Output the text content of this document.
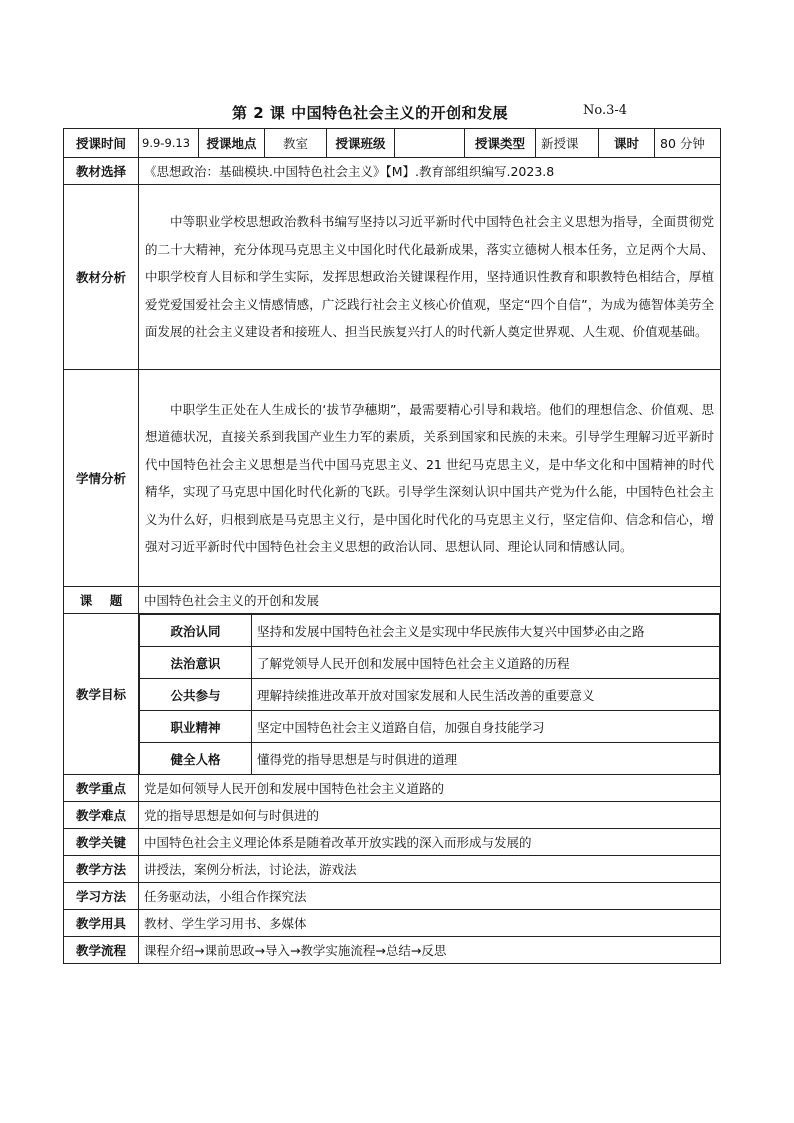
第 2 课 中国特色社会主义的开创和发展	No.3-4
授课时间	9.9-9.13	授课地点	教室	授课班级		授课类型	新授课	课时	80 分钟
教材选择	《思想政治：基础模块.中国特色社会主义》【M】.教育部组织编写.2023.8
教材分析	中等职业学校思想政治教科书编写坚持以习近平新时代中国特色社会主义思想为指导，全面贯彻党的二十大精神，充分体现马克思主义中国化时代化最新成果，落实立德树人根本任务，立足两个大局、中职学校育人目标和学生实际，发挥思想政治关键课程作用，坚持通识性教育和职教特色相结合，厚植爱党爱国爱社会主义情感情感，广泛践行社会主义核心价值观，坚定“四个自信”，为成为德智体美劳全面发展的社会主义建设者和接班人、担当民族复兴打人的时代新人奠定世界观、人生观、价值观基础。
学情分析	中职学生正处在人生成长的‘拔节孕穗期”，最需要精心引导和栽培。他们的理想信念、价值观、思想道德状况，直接关系到我国产业生力军的素质，关系到国家和民族的未来。引导学生理解习近平新时代中国特色社会主义思想是当代中国马克思主义、21 世纪马克思主义，是中华文化和中国精神的时代精华，实现了马克思中国化时代化新的飞跃。引导学生深刻认识中国共产党为什么能，中国特色社会主义为什么好，归根到底是马克思主义行，是中国化时代化的马克思主义行，坚定信仰、信念和信心，增强对习近平新时代中国特色社会主义思想的政治认同、思想认同、理论认同和情感认同。
课    题	中国特色社会主义的开创和发展
教学目标	
政治认同	坚持和发展中国特色社会主义是实现中华民族伟大复兴中国梦必由之路
法治意识	了解党领导人民开创和发展中国特色社会主义道路的历程
公共参与	理解持续推进改革开放对国家发展和人民生活改善的重要意义
职业精神	坚定中国特色社会主义道路自信，加强自身技能学习
健全人格	懂得党的指导思想是与时俱进的道理

教学重点	党是如何领导人民开创和发展中国特色社会主义道路的
教学难点	党的指导思想是如何与时俱进的
教学关键	中国特色社会主义理论体系是随着改革开放实践的深入而形成与发展的
教学方法	讲授法，案例分析法，讨论法，游戏法
学习方法	任务驱动法，小组合作探究法
教学用具	教材、学生学习用书、多媒体
教学流程	课程介绍→课前思政→导入→教学实施流程→总结→反思
